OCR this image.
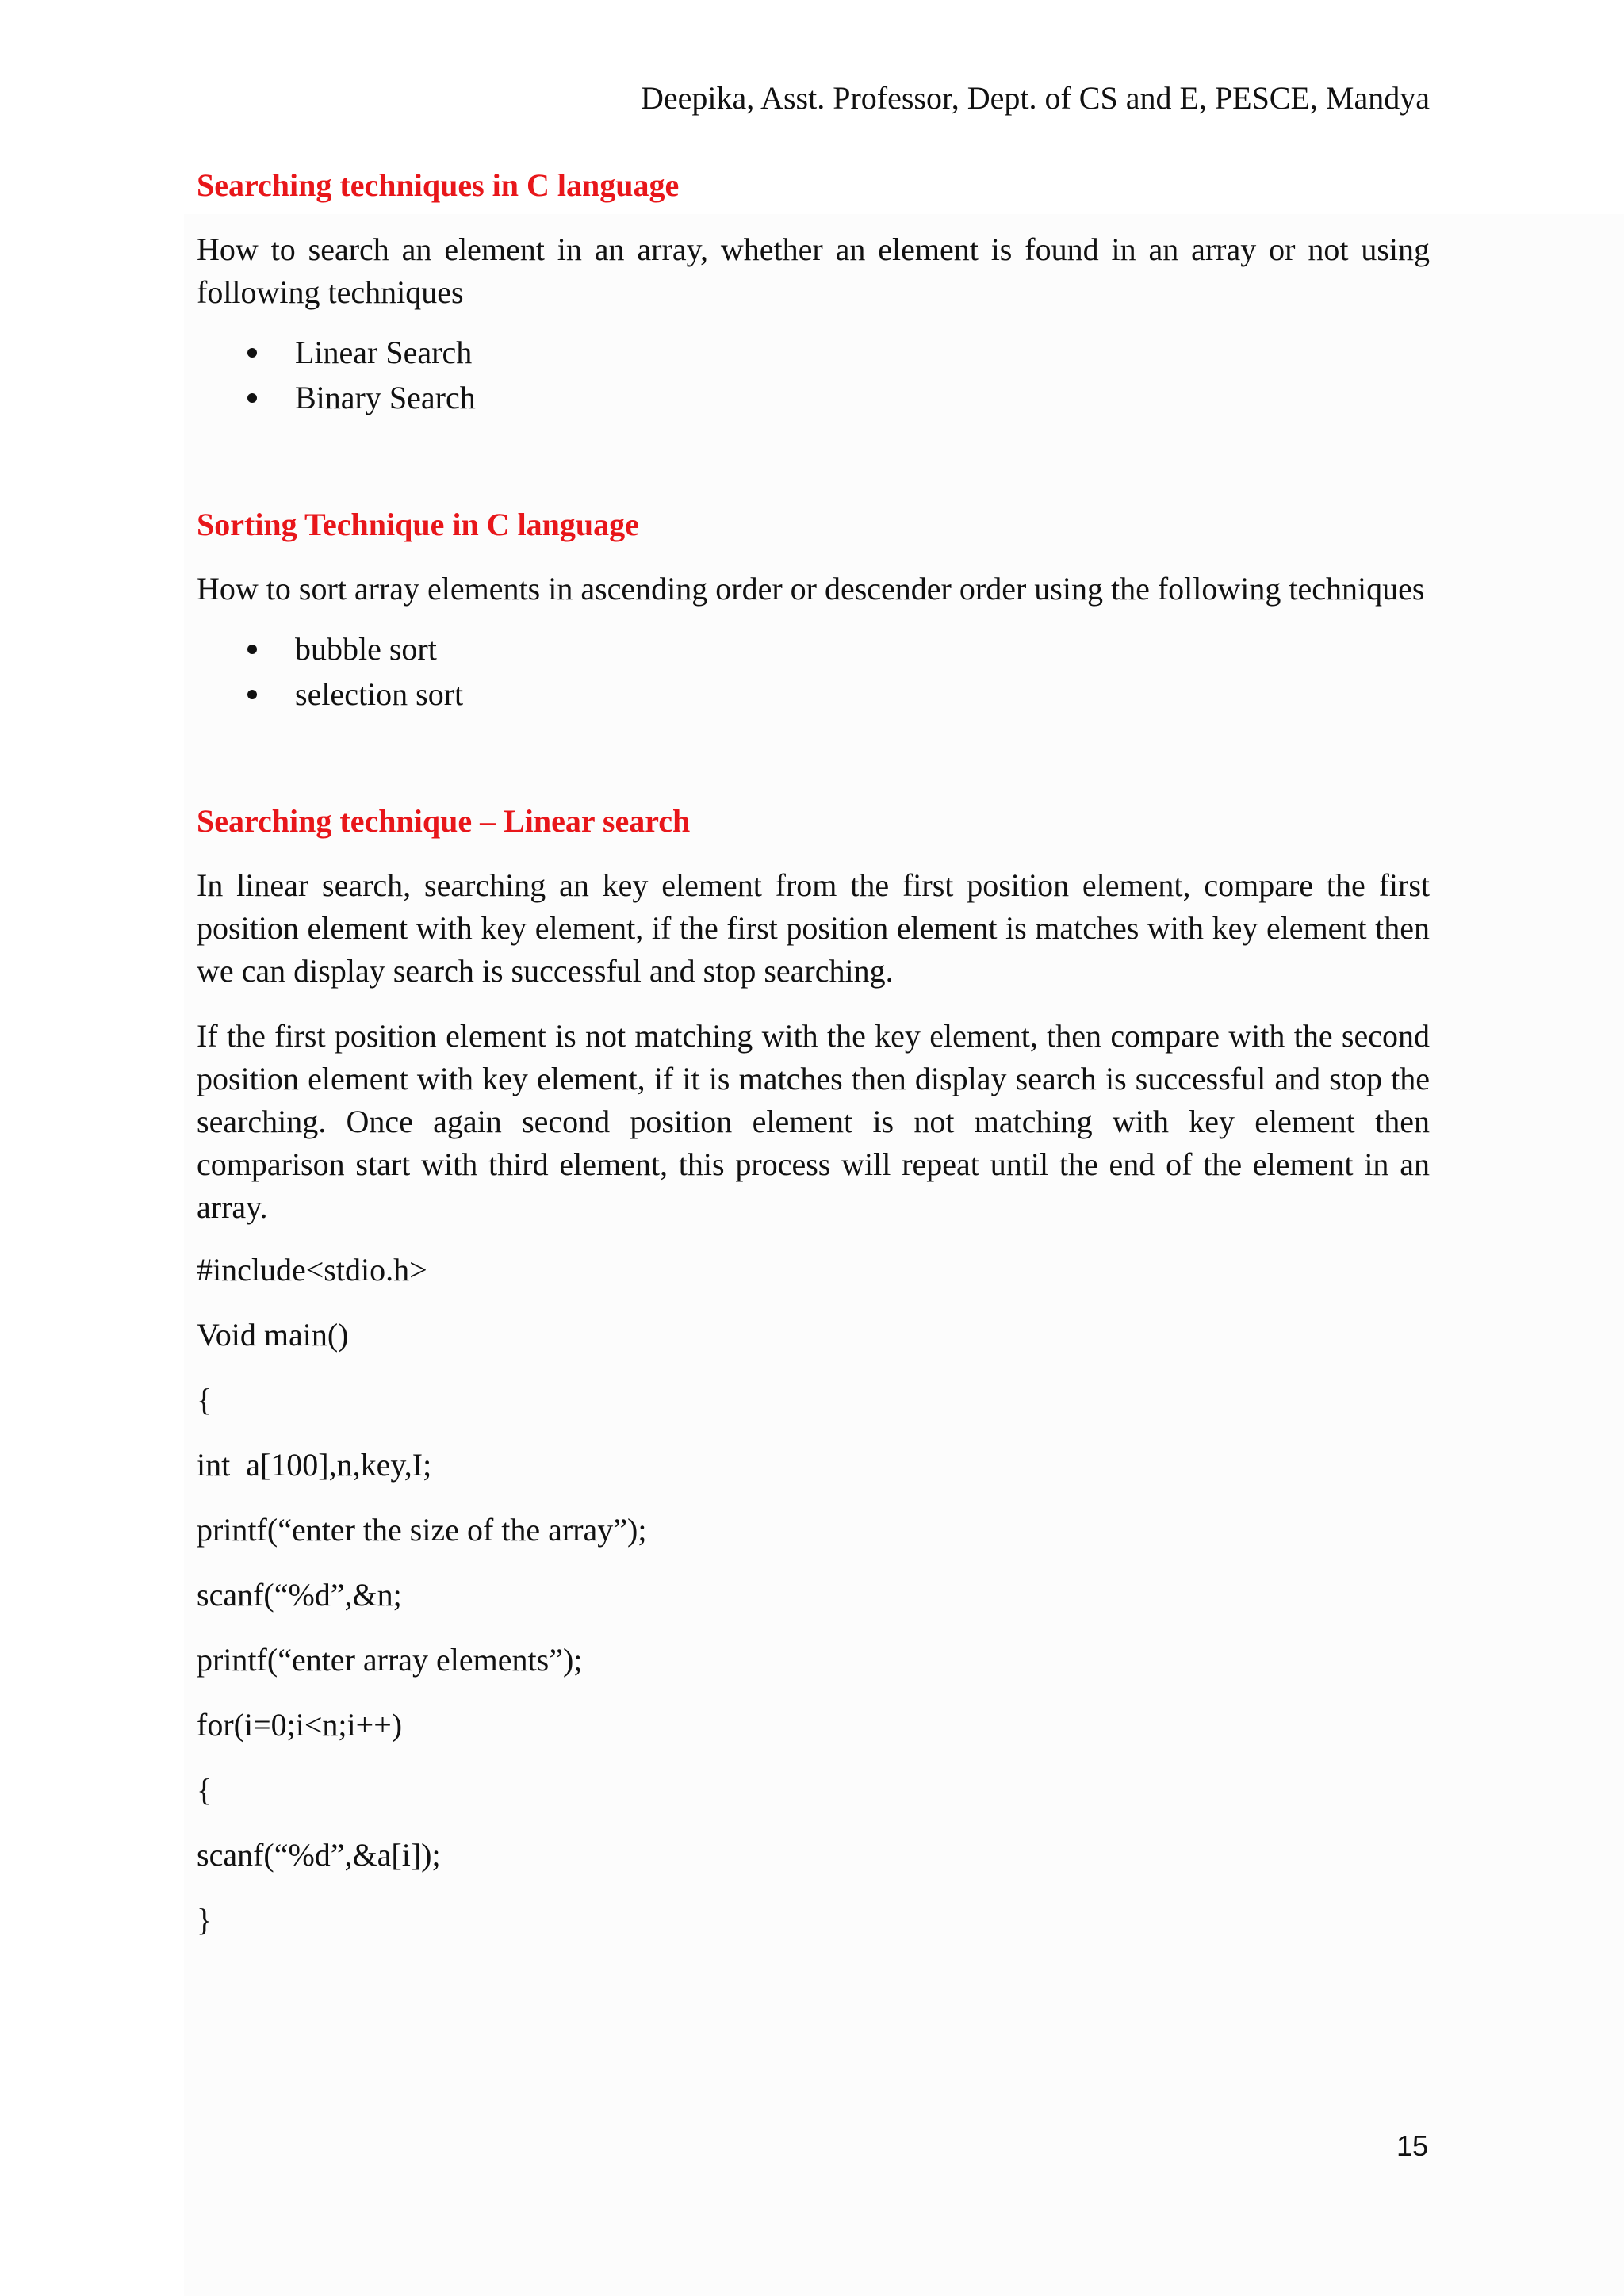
Deepika, Asst. Professor, Dept. of CS and E, PESCE, Mandya
Searching techniques in C language

How to search an element in an array, whether an element is found in an array or not using following techniques

Linear Search
Binary Search
Sorting Technique in C language

How to sort array elements in ascending order or descender order using the following techniques

bubble sort
selection sort
Searching technique – Linear search

In linear search, searching an key element from the first position element, compare the first position element with key element, if the first position element is matches with key element then we can display search is successful and stop searching.

If the first position element is not matching with the key element, then compare with the second position element with key element, if it is matches then display search is successful and stop the searching. Once again second position element is not matching with key element then comparison start with third element, this process will repeat until the end of the element in an array.

#include<stdio.h>

Void main()

{

int  a[100],n,key,I;

printf(“enter the size of the array”);

scanf(“%d”,&n;

printf(“enter array elements”);

for(i=0;i<n;i++)

{

scanf(“%d”,&a[i]);

}

15
